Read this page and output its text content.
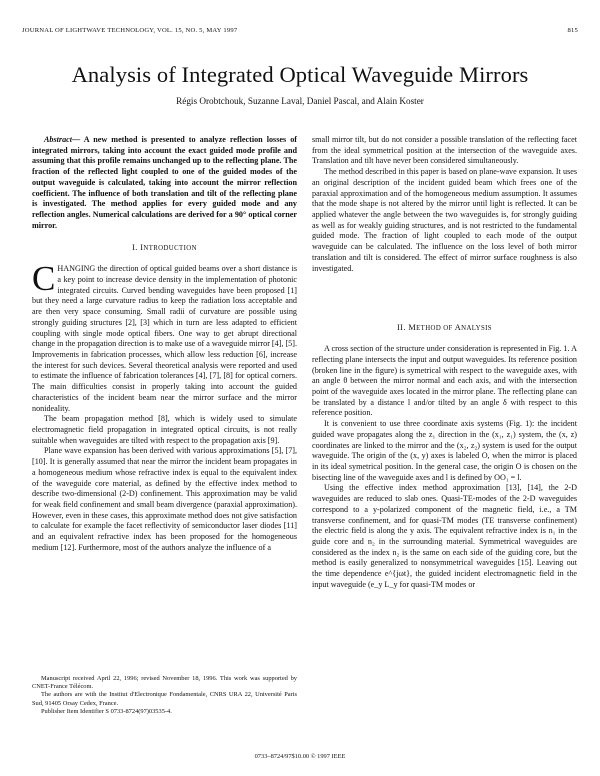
JOURNAL OF LIGHTWAVE TECHNOLOGY, VOL. 15, NO. 5, MAY 1997	815
Analysis of Integrated Optical Waveguide Mirrors
Régis Orobtchouk, Suzanne Laval, Daniel Pascal, and Alain Koster

Abstract— A new method is presented to analyze reflection losses of integrated mirrors, taking into account the exact guided mode profile and assuming that this profile remains unchanged up to the reflecting plane. The fraction of the reflected light coupled to one of the guided modes of the output waveguide is calculated, taking into account the mirror reflection coefficient. The influence of both translation and tilt of the reflecting plane is investigated. The method applies for every guided mode and any reflection angles. Numerical calculations are derived for a 90° optical corner mirror.

I. INTRODUCTION

CHANGING the direction of optical guided beams over a short distance is a key point to increase device density in the implementation of photonic integrated circuits. Curved bending waveguides have been proposed [1] but they need a large curvature radius to keep the radiation loss acceptable and are then very space consuming. Small radii of curvature are possible using strongly guiding structures [2], [3] which in turn are less adapted to efficient coupling with single mode optical fibers. One way to get abrupt directional change in the propagation direction is to make use of a waveguide mirror [4], [5]. Improvements in fabrication processes, which allow less reduction [6], increase the interest for such devices. Several theoretical analysis were reported and used to estimate the influence of fabrication tolerances [4], [7], [8] for optical corners. The main difficulties consist in properly taking into account the guided characteristics of the incident beam near the mirror surface and the mirror nonideality.

The beam propagation method [8], which is widely used to simulate electromagnetic field propagation in integrated optical circuits, is not really suitable when waveguides are tilted with respect to the propagation axis [9].

Plane wave expansion has been derived with various approximations [5], [7], [10]. It is generally assumed that near the mirror the incident beam propagates in a homogeneous medium whose refractive index is equal to the equivalent index of the waveguide core material, as defined by the effective index method to describe two-dimensional (2-D) confinement. This approximation may be valid for weak field confinement and small beam divergence (paraxial approximation). However, even in these cases, this approximate method does not give satisfaction to calculate for example the facet reflectivity of semiconductor laser diodes [11] and an equivalent refractive index has been proposed for the homogeneous medium [12]. Furthermore, most of the authors analyze the influence of a

Manuscript received April 22, 1996; revised November 18, 1996. This work was supported by CNET-France Télécom.

The authors are with the Institut d'Electronique Fondamentale, CNRS URA 22, Université Paris Sud, 91405 Orsay Cedex, France.

Publisher Item Identifier S 0733-8724(97)03535-4.

small mirror tilt, but do not consider a possible translation of the reflecting facet from the ideal symmetrical position at the intersection of the waveguide axes. Translation and tilt have never been considered simultaneously.

The method described in this paper is based on plane-wave expansion. It uses an original description of the incident guided beam which frees one of the paraxial approximation and of the homogeneous medium assumption. It assumes that the mode shape is not altered by the mirror until light is reflected. It can be applied whatever the angle between the two waveguides is, for strongly guiding as well as for weakly guiding structures, and is not restricted to the fundamental guided mode. The fraction of light coupled to each mode of the output waveguide can be calculated. The influence on the loss level of both mirror translation and tilt is considered. The effect of mirror surface roughness is also investigated.

II. METHOD OF ANALYSIS

A cross section of the structure under consideration is represented in Fig. 1. A reflecting plane intersects the input and output waveguides. Its reference position (broken line in the figure) is symetrical with respect to the waveguide axes, with an angle θ between the mirror normal and each axis, and with the intersection point of the waveguide axes located in the mirror plane. The reflecting plane can be translated by a distance l and/or tilted by an angle δ with respect to this reference position.

It is convenient to use three coordinate axis systems (Fig. 1): the incident guided wave propagates along the z₁ direction in the (x₁, z₁) system, the (x, z) coordinates are linked to the mirror and the (x₂, z₂) system is used for the output waveguide. The origin of the (x, y) axes is labeled O, when the mirror is placed in its ideal symetrical position. In the general case, the origin O is chosen on the bisecting line of the waveguide axes and l is defined by OO₁ = l.

Using the effective index method approximation [13], [14], the 2-D waveguides are reduced to slab ones. Quasi-TE-modes of the 2-D waveguides correspond to a y-polarized component of the magnetic field, i.e., a TM transverse confinement, and for quasi-TM modes (TE transverse confinement) the electric field is along the y axis. The equivalent refractive index is n₁ in the guide core and n₂ in the surrounding material. Symmetrical waveguides are considered as the index n₂ is the same on each side of the guiding core, but the method is easily generalized to nonsymmetrical waveguides [15]. Leaving out the time dependence e^{jωt}, the guided incident electromagnetic field in the input waveguide (e_y L_y for quasi-TM modes or

0733–8724/97$10.00 © 1997 IEEE
